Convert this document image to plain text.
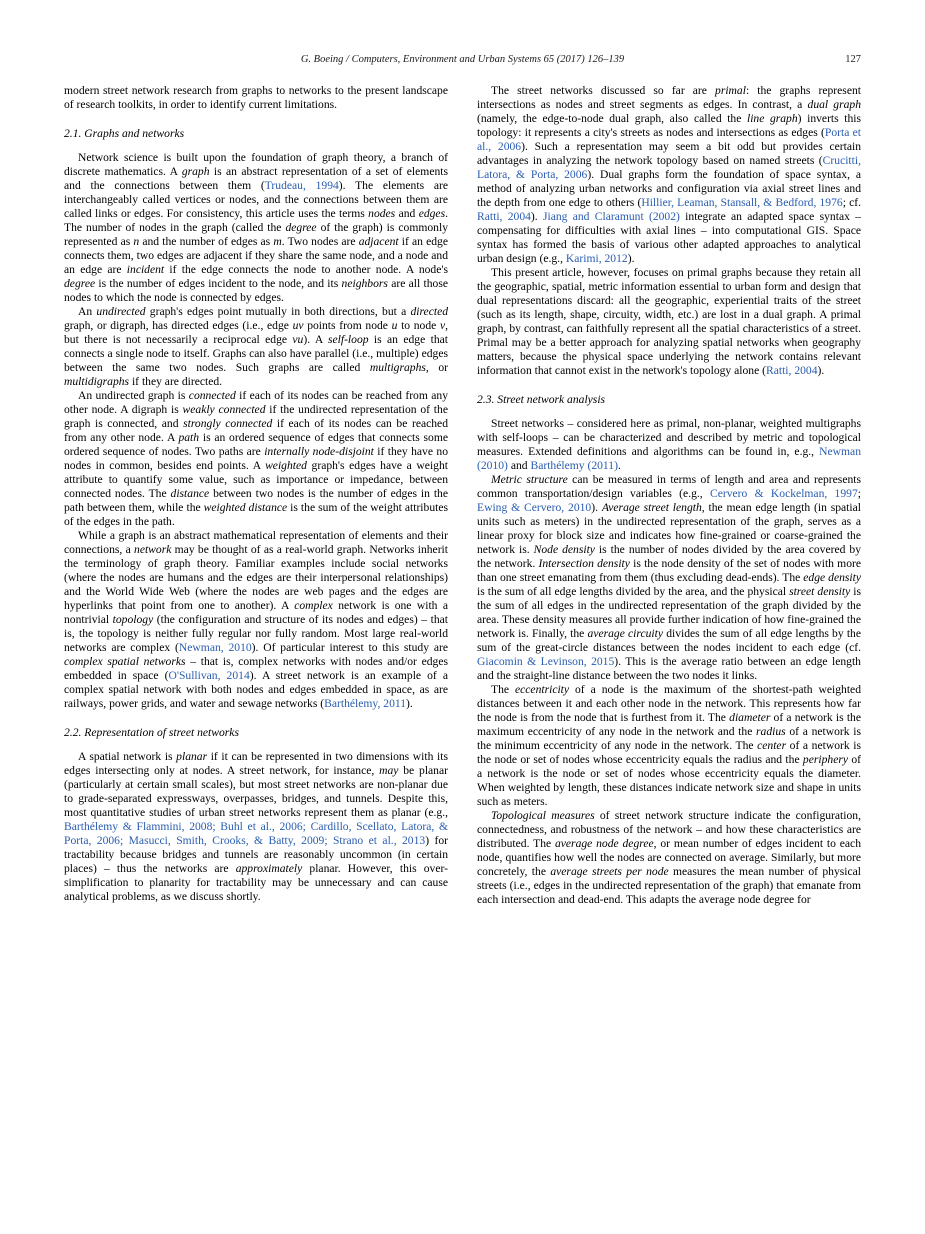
G. Boeing / Computers, Environment and Urban Systems 65 (2017) 126–139	127

modern street network research from graphs to networks to the present landscape of research toolkits, in order to identify current limitations.

2.1. Graphs and networks

Network science is built upon the foundation of graph theory, a branch of discrete mathematics. A graph is an abstract representation of a set of elements and the connections between them (Trudeau, 1994). The elements are interchangeably called vertices or nodes, and the connections between them are called links or edges. For consistency, this article uses the terms nodes and edges. The number of nodes in the graph (called the degree of the graph) is commonly represented as n and the number of edges as m. Two nodes are adjacent if an edge connects them, two edges are adjacent if they share the same node, and a node and an edge are incident if the edge connects the node to another node. A node's degree is the number of edges incident to the node, and its neighbors are all those nodes to which the node is connected by edges.

An undirected graph's edges point mutually in both directions, but a directed graph, or digraph, has directed edges (i.e., edge uv points from node u to node v, but there is not necessarily a reciprocal edge vu). A self-loop is an edge that connects a single node to itself. Graphs can also have parallel (i.e., multiple) edges between the same two nodes. Such graphs are called multigraphs, or multidigraphs if they are directed.

An undirected graph is connected if each of its nodes can be reached from any other node. A digraph is weakly connected if the undirected representation of the graph is connected, and strongly connected if each of its nodes can be reached from any other node. A path is an ordered sequence of edges that connects some ordered sequence of nodes. Two paths are internally node-disjoint if they have no nodes in common, besides end points. A weighted graph's edges have a weight attribute to quantify some value, such as importance or impedance, between connected nodes. The distance between two nodes is the number of edges in the path between them, while the weighted distance is the sum of the weight attributes of the edges in the path.

While a graph is an abstract mathematical representation of elements and their connections, a network may be thought of as a real-world graph. Networks inherit the terminology of graph theory. Familiar examples include social networks (where the nodes are humans and the edges are their interpersonal relationships) and the World Wide Web (where the nodes are web pages and the edges are hyperlinks that point from one to another). A complex network is one with a nontrivial topology (the configuration and structure of its nodes and edges) – that is, the topology is neither fully regular nor fully random. Most large real-world networks are complex (Newman, 2010). Of particular interest to this study are complex spatial networks – that is, complex networks with nodes and/or edges embedded in space (O'Sullivan, 2014). A street network is an example of a complex spatial network with both nodes and edges embedded in space, as are railways, power grids, and water and sewage networks (Barthélemy, 2011).

2.2. Representation of street networks

A spatial network is planar if it can be represented in two dimensions with its edges intersecting only at nodes. A street network, for instance, may be planar (particularly at certain small scales), but most street networks are non-planar due to grade-separated expressways, overpasses, bridges, and tunnels. Despite this, most quantitative studies of urban street networks represent them as planar (e.g., Barthélemy & Flammini, 2008; Buhl et al., 2006; Cardillo, Scellato, Latora, & Porta, 2006; Masucci, Smith, Crooks, & Batty, 2009; Strano et al., 2013) for tractability because bridges and tunnels are reasonably uncommon (in certain places) – thus the networks are approximately planar. However, this over-simplification to planarity for tractability may be unnecessary and can cause analytical problems, as we discuss shortly.

The street networks discussed so far are primal: the graphs represent intersections as nodes and street segments as edges. In contrast, a dual graph (namely, the edge-to-node dual graph, also called the line graph) inverts this topology: it represents a city's streets as nodes and intersections as edges (Porta et al., 2006). Such a representation may seem a bit odd but provides certain advantages in analyzing the network topology based on named streets (Crucitti, Latora, & Porta, 2006). Dual graphs form the foundation of space syntax, a method of analyzing urban networks and configuration via axial street lines and the depth from one edge to others (Hillier, Leaman, Stansall, & Bedford, 1976; cf. Ratti, 2004). Jiang and Claramunt (2002) integrate an adapted space syntax – compensating for difficulties with axial lines – into computational GIS. Space syntax has formed the basis of various other adapted approaches to analytical urban design (e.g., Karimi, 2012).

This present article, however, focuses on primal graphs because they retain all the geographic, spatial, metric information essential to urban form and design that dual representations discard: all the geographic, experiential traits of the street (such as its length, shape, circuity, width, etc.) are lost in a dual graph. A primal graph, by contrast, can faithfully represent all the spatial characteristics of a street. Primal may be a better approach for analyzing spatial networks when geography matters, because the physical space underlying the network contains relevant information that cannot exist in the network's topology alone (Ratti, 2004).

2.3. Street network analysis

Street networks – considered here as primal, non-planar, weighted multigraphs with self-loops – can be characterized and described by metric and topological measures. Extended definitions and algorithms can be found in, e.g., Newman (2010) and Barthélemy (2011).

Metric structure can be measured in terms of length and area and represents common transportation/design variables (e.g., Cervero & Kockelman, 1997; Ewing & Cervero, 2010). Average street length, the mean edge length (in spatial units such as meters) in the undirected representation of the graph, serves as a linear proxy for block size and indicates how fine-grained or coarse-grained the network is. Node density is the number of nodes divided by the area covered by the network. Intersection density is the node density of the set of nodes with more than one street emanating from them (thus excluding dead-ends). The edge density is the sum of all edge lengths divided by the area, and the physical street density is the sum of all edges in the undirected representation of the graph divided by the area. These density measures all provide further indication of how fine-grained the network is. Finally, the average circuity divides the sum of all edge lengths by the sum of the great-circle distances between the nodes incident to each edge (cf. Giacomin & Levinson, 2015). This is the average ratio between an edge length and the straight-line distance between the two nodes it links.

The eccentricity of a node is the maximum of the shortest-path weighted distances between it and each other node in the network. This represents how far the node is from the node that is furthest from it. The diameter of a network is the maximum eccentricity of any node in the network and the radius of a network is the minimum eccentricity of any node in the network. The center of a network is the node or set of nodes whose eccentricity equals the radius and the periphery of a network is the node or set of nodes whose eccentricity equals the diameter. When weighted by length, these distances indicate network size and shape in units such as meters.

Topological measures of street network structure indicate the configuration, connectedness, and robustness of the network – and how these characteristics are distributed. The average node degree, or mean number of edges incident to each node, quantifies how well the nodes are connected on average. Similarly, but more concretely, the average streets per node measures the mean number of physical streets (i.e., edges in the undirected representation of the graph) that emanate from each intersection and dead-end. This adapts the average node degree for
